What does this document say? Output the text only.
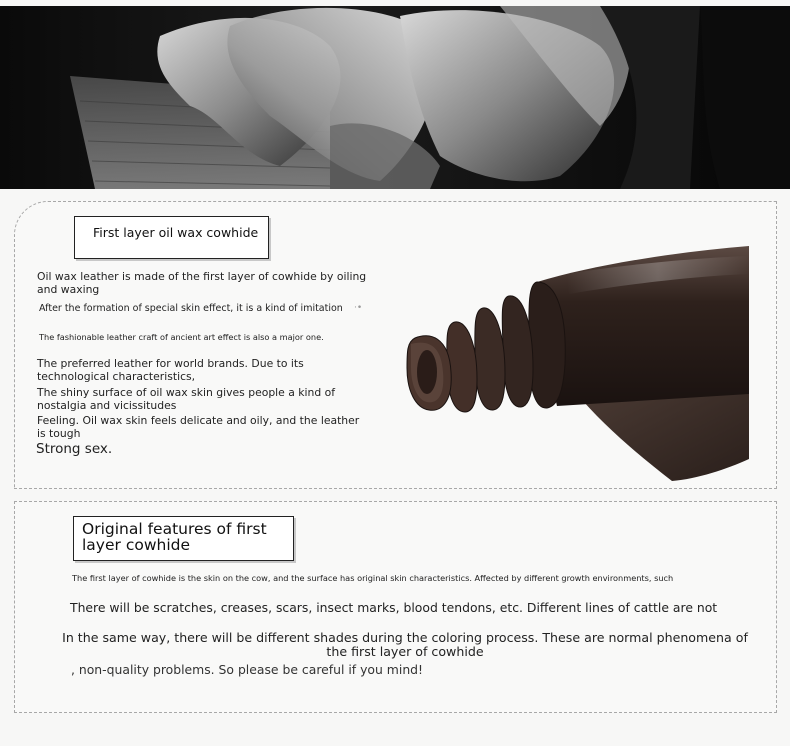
First layer oil wax cowhide

Oil wax leather is made of the first layer of cowhide by oiling and waxing

After the formation of special skin effect, it is a kind of imitation	·•

The fashionable leather craft of ancient art effect is also a major one.

The preferred leather for world brands. Due to its technological characteristics,

The shiny surface of oil wax skin gives people a kind of nostalgia and vicissitudes

Feeling. Oil wax skin feels delicate and oily, and the leather is tough

Strong sex.

Original features of first layer cowhide

The first layer of cowhide is the skin on the cow, and the surface has original skin characteristics. Affected by different growth environments, such

There will be scratches, creases, scars, insect marks, blood tendons, etc. Different lines of cattle are not

In the same way, there will be different shades during the coloring process. These are normal phenomena of the first layer of cowhide

, non-quality problems. So please be careful if you mind!
